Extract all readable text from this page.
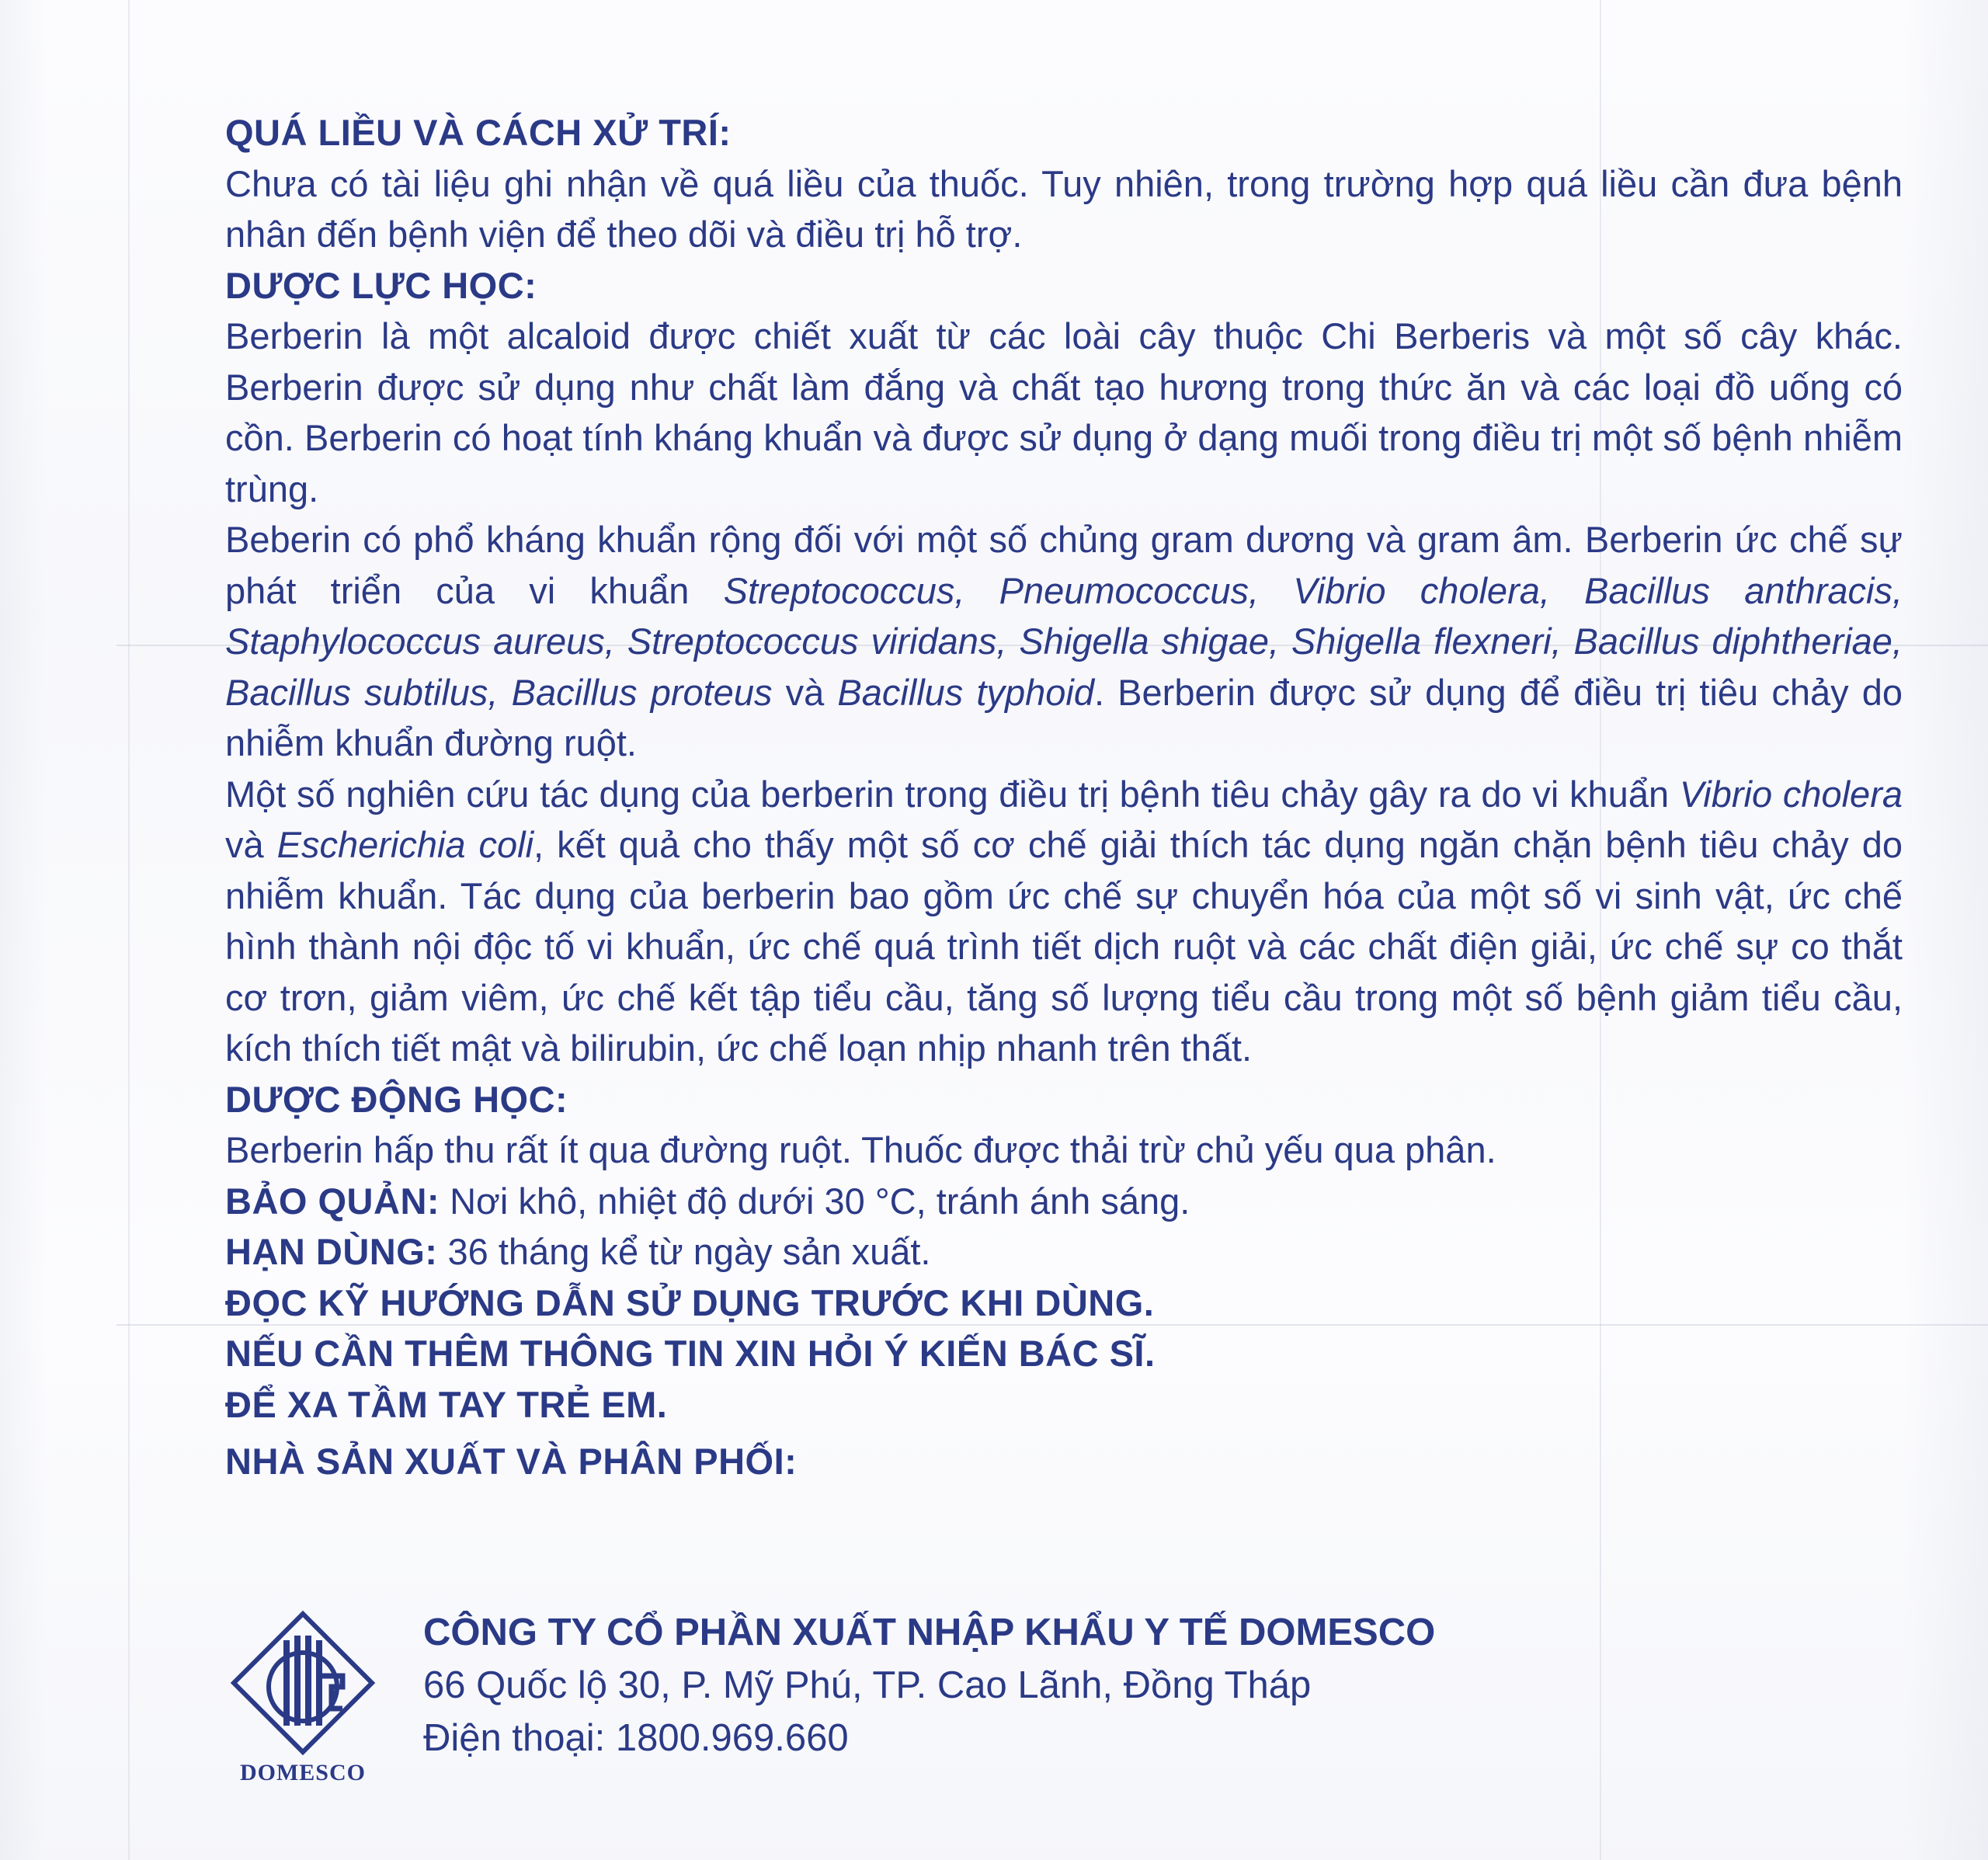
QUÁ LIỀU VÀ CÁCH XỬ TRÍ:

Chưa có tài liệu ghi nhận về quá liều của thuốc. Tuy nhiên, trong trường hợp quá liều cần đưa bệnh nhân đến bệnh viện để theo dõi và điều trị hỗ trợ.

DƯỢC LỰC HỌC:

Berberin là một alcaloid được chiết xuất từ các loài cây thuộc Chi Berberis và một số cây khác. Berberin được sử dụng như chất làm đắng và chất tạo hương trong thức ăn và các loại đồ uống có cồn. Berberin có hoạt tính kháng khuẩn và được sử dụng ở dạng muối trong điều trị một số bệnh nhiễm trùng.

Beberin có phổ kháng khuẩn rộng đối với một số chủng gram dương và gram âm. Berberin ức chế sự phát triển của vi khuẩn Streptococcus, Pneumococcus, Vibrio cholera, Bacillus anthracis, Staphylococcus aureus, Streptococcus viridans, Shigella shigae, Shigella flexneri, Bacillus diphtheriae, Bacillus subtilus, Bacillus proteus và Bacillus typhoid. Berberin được sử dụng để điều trị tiêu chảy do nhiễm khuẩn đường ruột.

Một số nghiên cứu tác dụng của berberin trong điều trị bệnh tiêu chảy gây ra do vi khuẩn Vibrio cholera và Escherichia coli, kết quả cho thấy một số cơ chế giải thích tác dụng ngăn chặn bệnh tiêu chảy do nhiễm khuẩn. Tác dụng của berberin bao gồm ức chế sự chuyển hóa của một số vi sinh vật, ức chế hình thành nội độc tố vi khuẩn, ức chế quá trình tiết dịch ruột và các chất điện giải, ức chế sự co thắt cơ trơn, giảm viêm, ức chế kết tập tiểu cầu, tăng số lượng tiểu cầu trong một số bệnh giảm tiểu cầu, kích thích tiết mật và bilirubin, ức chế loạn nhịp nhanh trên thất.

DƯỢC ĐỘNG HỌC:

Berberin hấp thu rất ít qua đường ruột. Thuốc được thải trừ chủ yếu qua phân.

BẢO QUẢN: Nơi khô, nhiệt độ dưới 30 °C, tránh ánh sáng.

HẠN DÙNG: 36 tháng kể từ ngày sản xuất.

ĐỌC KỸ HƯỚNG DẪN SỬ DỤNG TRƯỚC KHI DÙNG.

NẾU CẦN THÊM THÔNG TIN XIN HỎI Ý KIẾN BÁC SĨ.

ĐỂ XA TẦM TAY TRẺ EM.

NHÀ SẢN XUẤT VÀ PHÂN PHỐI:

DOMESCO
CÔNG TY CỔ PHẦN XUẤT NHẬP KHẨU Y TẾ DOMESCO
66 Quốc lộ 30, P. Mỹ Phú, TP. Cao Lãnh, Đồng Tháp
Điện thoại: 1800.969.660
